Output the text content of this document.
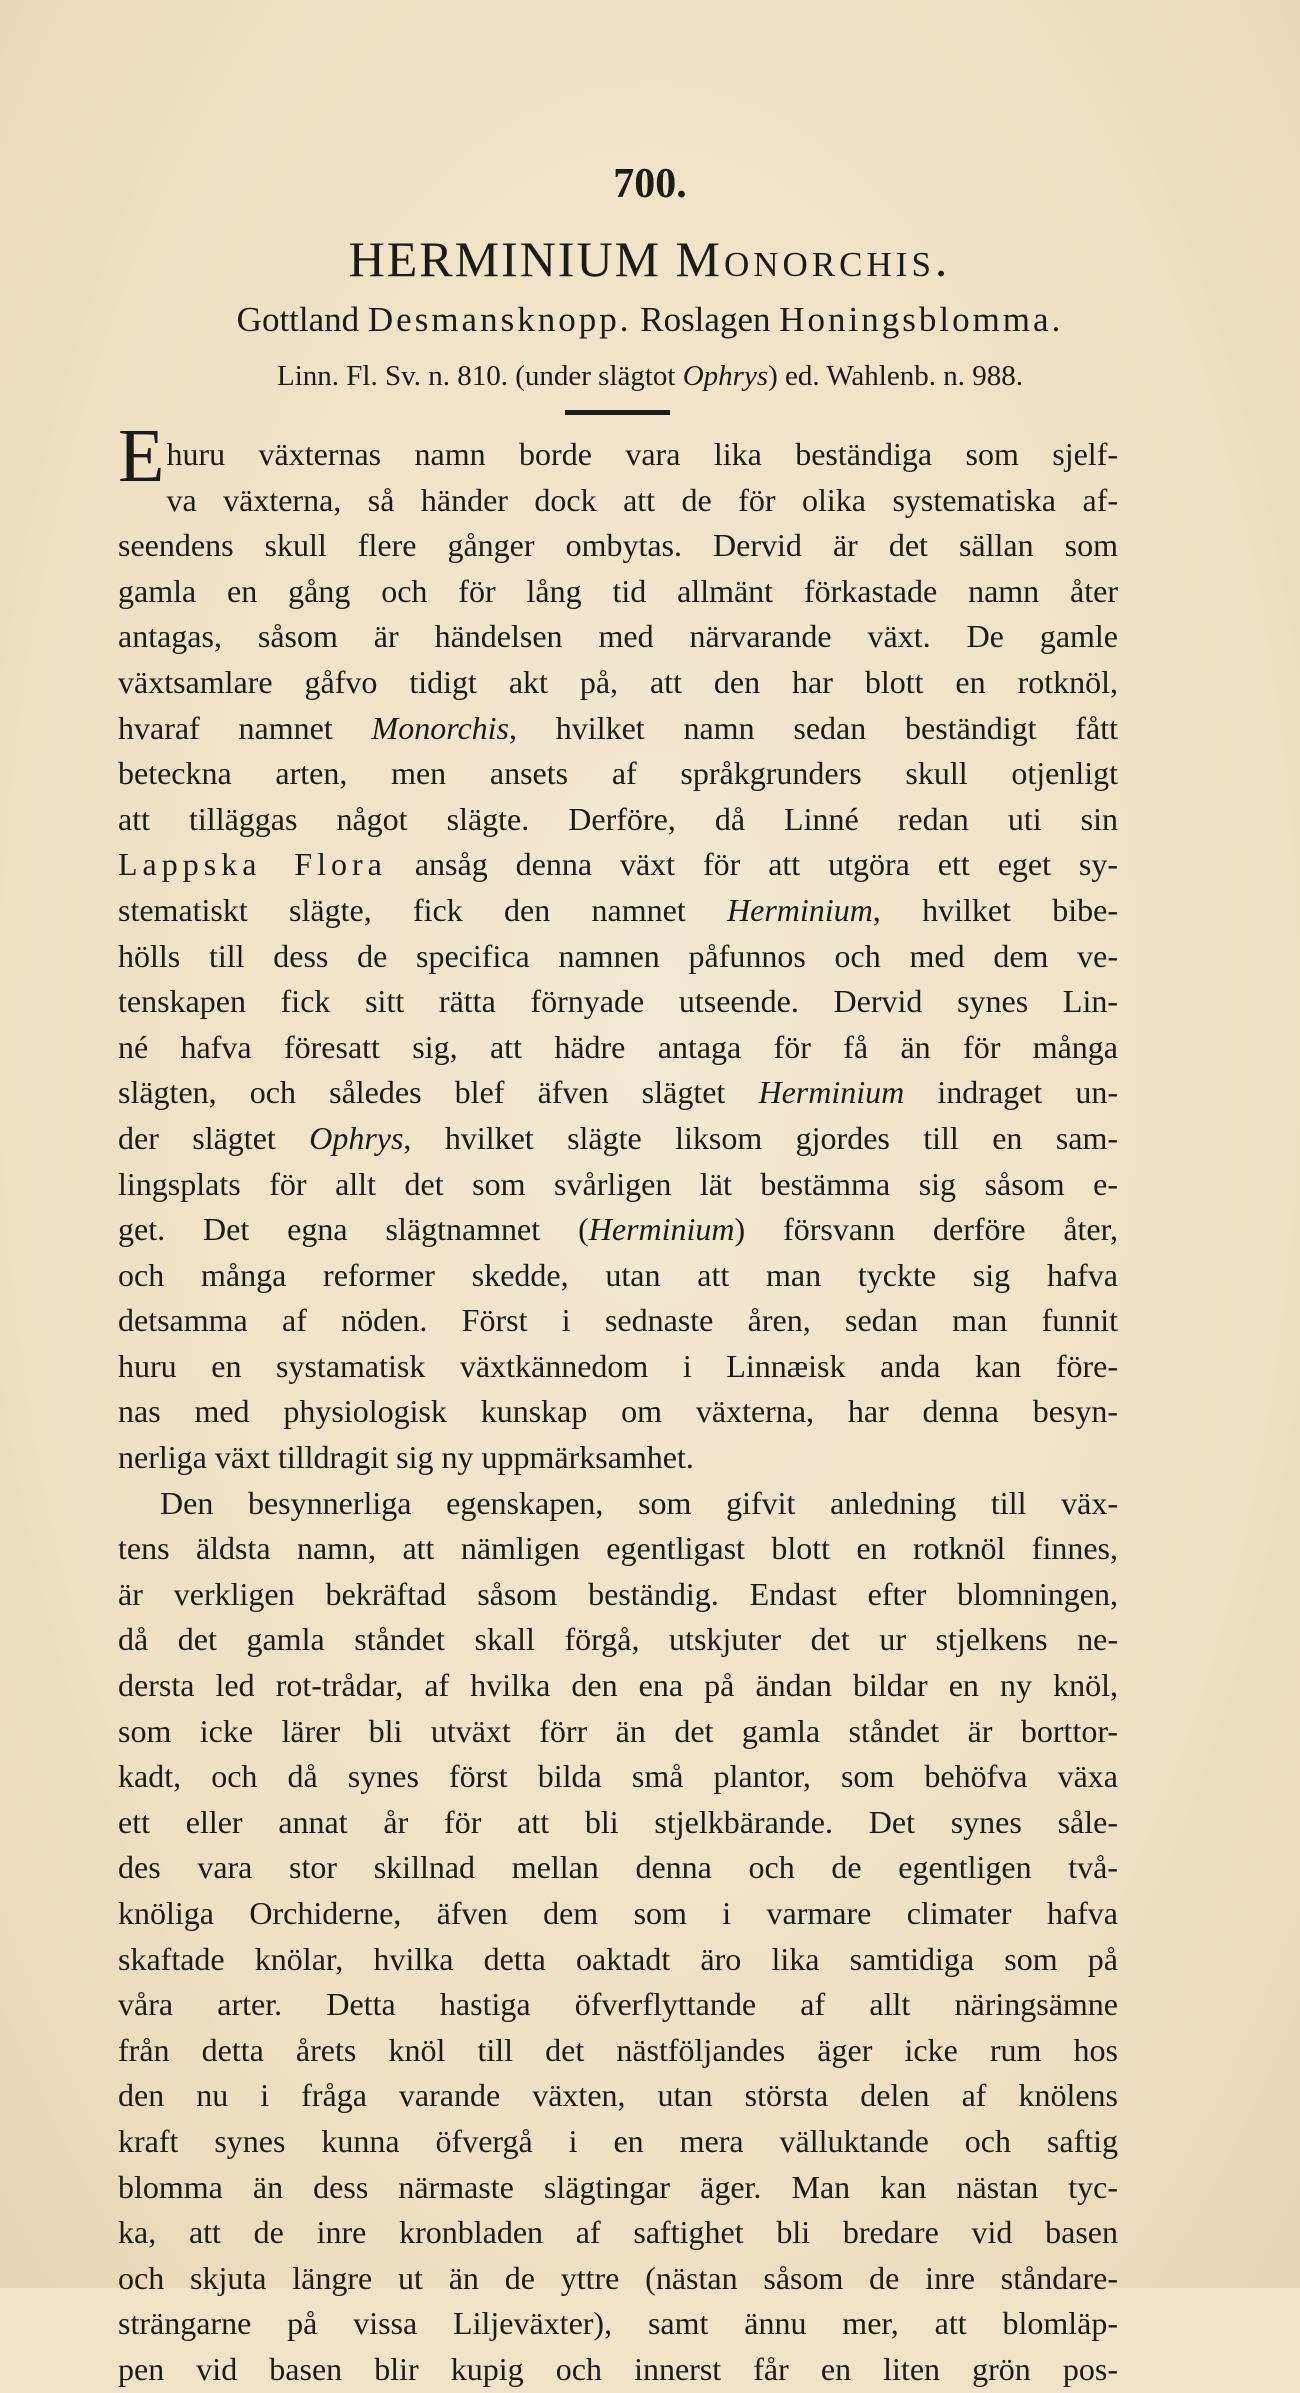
700.
HERMINIUM Monorchis.
Gottland Desmansknopp. Roslagen Honingsblomma.
Linn. Fl. Sv. n. 810. (under slägtot Ophrys) ed. Wahlenb. n. 988.
E huru växternas namn borde vara lika beständiga som sjelf-
va växterna, så händer dock att de för olika systematiska af-
seendens skull flere gånger ombytas. Dervid är det sällan som
gamla en gång och för lång tid allmänt förkastade namn åter
antagas, såsom är händelsen med närvarande växt. De gamle
växtsamlare gåfvo tidigt akt på, att den har blott en rotknöl,
hvaraf namnet Monorchis, hvilket namn sedan beständigt fått
beteckna arten, men ansets af språkgrunders skull otjenligt
att tilläggas något slägte. Derföre, då Linné redan uti sin
Lappska Flora ansåg denna växt för att utgöra ett eget sy-
stematiskt slägte, fick den namnet Herminium, hvilket bibe-
hölls till dess de specifica namnen påfunnos och med dem ve-
tenskapen fick sitt rätta förnyade utseende. Dervid synes Lin-
né hafva föresatt sig, att hädre antaga för få än för många
slägten, och således blef äfven slägtet Herminium indraget un-
der slägtet Ophrys, hvilket slägte liksom gjordes till en sam-
lingsplats för allt det som svårligen lät bestämma sig såsom e-
get. Det egna slägtnamnet (Herminium) försvann derföre åter,
och många reformer skedde, utan att man tyckte sig hafva
detsamma af nöden. Först i sednaste åren, sedan man funnit
huru en systamatisk växtkännedom i Linnæisk anda kan före-
nas med physiologisk kunskap om växterna, har denna besyn-
nerliga växt tilldragit sig ny uppmärksamhet.
Den besynnerliga egenskapen, som gifvit anledning till väx-
tens äldsta namn, att nämligen egentligast blott en rotknöl finnes,
är verkligen bekräftad såsom beständig. Endast efter blomningen,
då det gamla ståndet skall förgå, utskjuter det ur stjelkens ne-
dersta led rot-trådar, af hvilka den ena på ändan bildar en ny knöl,
som icke lärer bli utväxt förr än det gamla ståndet är borttor-
kadt, och då synes först bilda små plantor, som behöfva växa
ett eller annat år för att bli stjelkbärande. Det synes såle-
des vara stor skillnad mellan denna och de egentligen två-
knöliga Orchiderne, äfven dem som i varmare climater hafva
skaftade knölar, hvilka detta oaktadt äro lika samtidiga som på
våra arter. Detta hastiga öfverflyttande af allt näringsämne
från detta årets knöl till det nästföljandes äger icke rum hos
den nu i fråga varande växten, utan största delen af knölens
kraft synes kunna öfvergå i en mera välluktande och saftig
blomma än dess närmaste slägtingar äger. Man kan nästan tyc-
ka, att de inre kronbladen af saftighet bli bredare vid basen
och skjuta längre ut än de yttre (nästan såsom de inre ståndare-
strängarne på vissa Liljeväxter), samt ännu mer, att blomläp-
pen vid basen blir kupig och innerst får en liten grön pos-
